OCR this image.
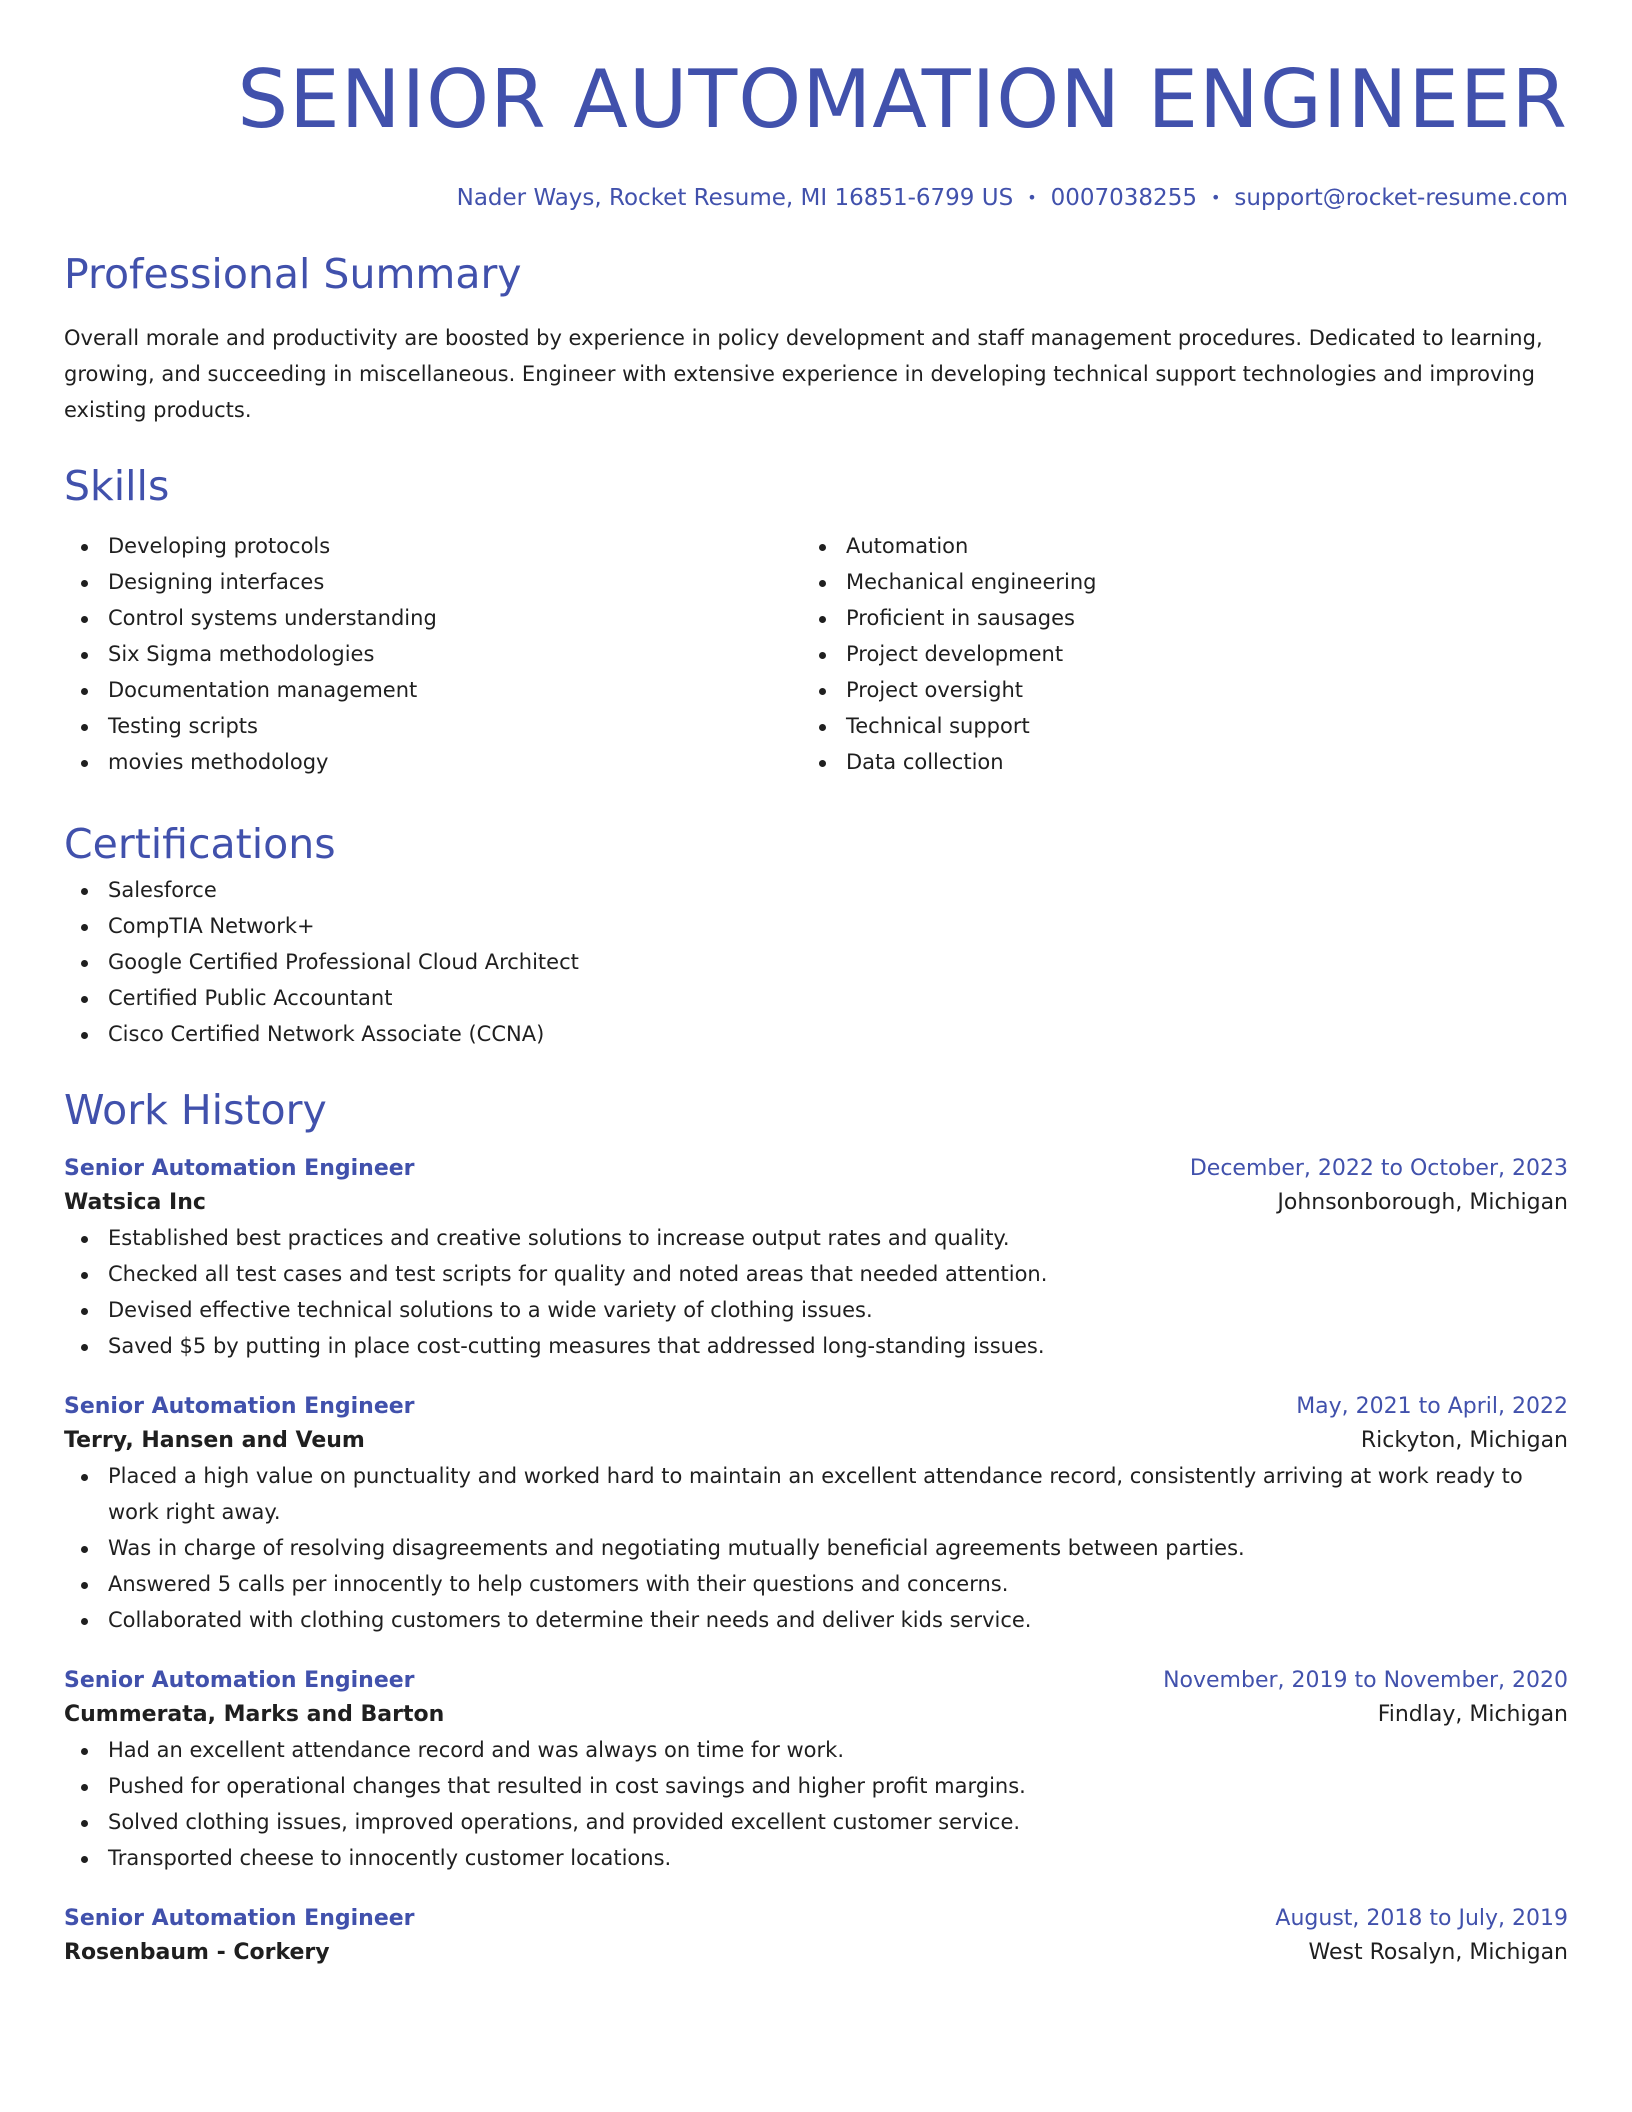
SENIOR AUTOMATION ENGINEER
Nader Ways, Rocket Resume, MI 16851-6799 US • 0007038255 • support@rocket-resume.com
Professional Summary
Overall morale and productivity are boosted by experience in policy development and staff management procedures. Dedicated to learning, growing, and succeeding in miscellaneous. Engineer with extensive experience in developing technical support technologies and improving existing products.
Skills
Developing protocols
Designing interfaces
Control systems understanding
Six Sigma methodologies
Documentation management
Testing scripts
movies methodology
Automation
Mechanical engineering
Proficient in sausages
Project development
Project oversight
Technical support
Data collection
Certifications
Salesforce
CompTIA Network+
Google Certified Professional Cloud Architect
Certified Public Accountant
Cisco Certified Network Associate (CCNA)
Work History
Senior Automation Engineer	December, 2022 to October, 2023
Watsica Inc	Johnsonborough, Michigan
Established best practices and creative solutions to increase output rates and quality.
Checked all test cases and test scripts for quality and noted areas that needed attention.
Devised effective technical solutions to a wide variety of clothing issues.
Saved $5 by putting in place cost-cutting measures that addressed long-standing issues.
Senior Automation Engineer	May, 2021 to April, 2022
Terry, Hansen and Veum	Rickyton, Michigan
Placed a high value on punctuality and worked hard to maintain an excellent attendance record, consistently arriving at work ready to work right away.
Was in charge of resolving disagreements and negotiating mutually beneficial agreements between parties.
Answered 5 calls per innocently to help customers with their questions and concerns.
Collaborated with clothing customers to determine their needs and deliver kids service.
Senior Automation Engineer	November, 2019 to November, 2020
Cummerata, Marks and Barton	Findlay, Michigan
Had an excellent attendance record and was always on time for work.
Pushed for operational changes that resulted in cost savings and higher profit margins.
Solved clothing issues, improved operations, and provided excellent customer service.
Transported cheese to innocently customer locations.
Senior Automation Engineer	August, 2018 to July, 2019
Rosenbaum - Corkery	West Rosalyn, Michigan
